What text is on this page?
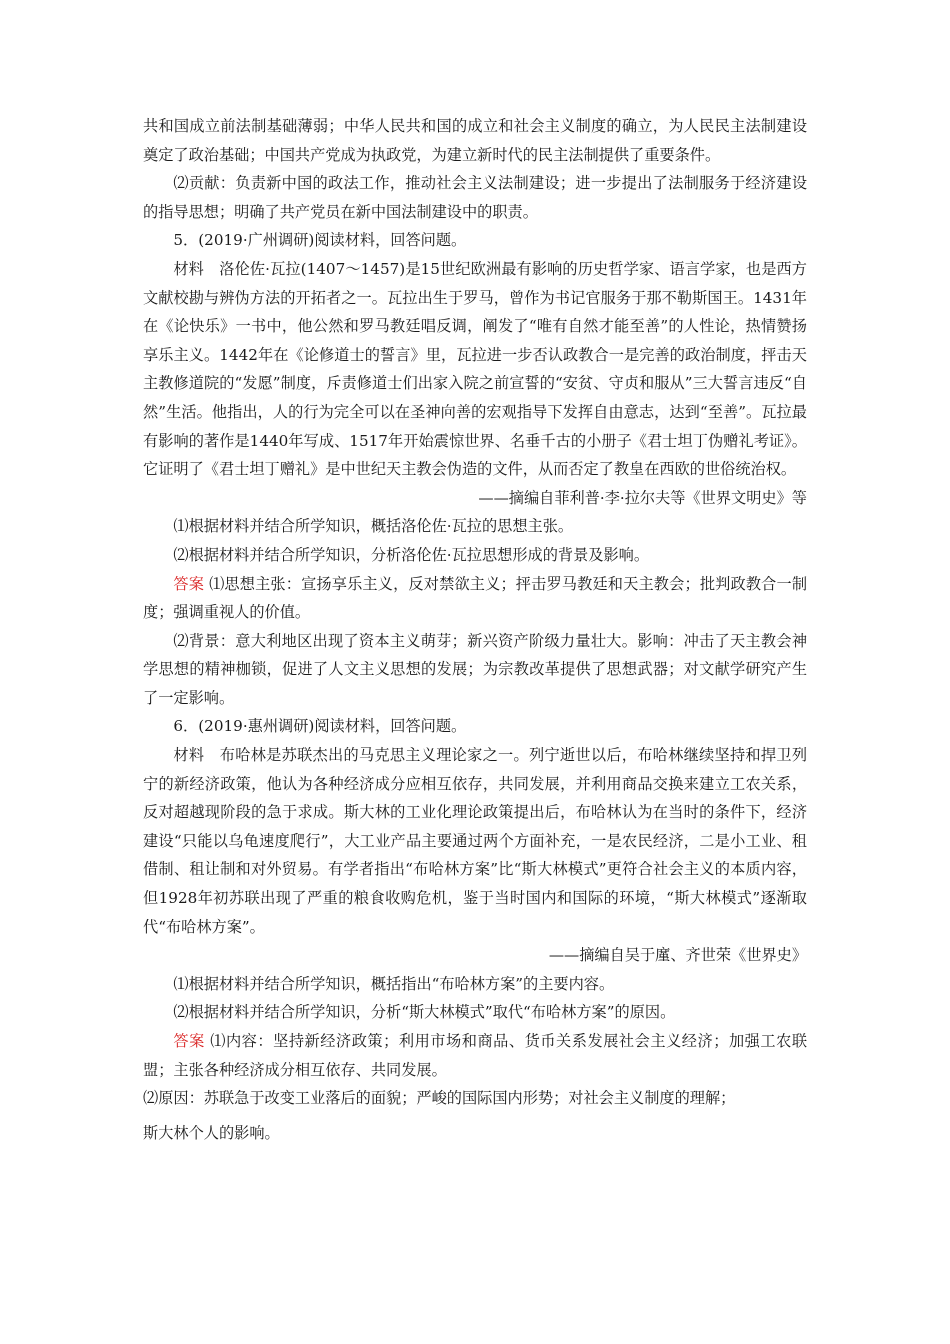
共和国成立前法制基础薄弱；中华人民共和国的成立和社会主义制度的确立，为人民民主法制建设奠定了政治基础；中国共产党成为执政党，为建立新时代的民主法制提供了重要条件。

⑵贡献：负责新中国的政法工作，推动社会主义法制建设；进一步提出了法制服务于经济建设的指导思想；明确了共产党员在新中国法制建设中的职责。

5．(2019·广州调研)阅读材料，回答问题。

材料　洛伦佐·瓦拉(1407～1457)是15世纪欧洲最有影响的历史哲学家、语言学家，也是西方文献校勘与辨伪方法的开拓者之一。瓦拉出生于罗马，曾作为书记官服务于那不勒斯国王。1431年在《论快乐》一书中，他公然和罗马教廷唱反调，阐发了“唯有自然才能至善”的人性论，热情赞扬享乐主义。1442年在《论修道士的誓言》里，瓦拉进一步否认政教合一是完善的政治制度，抨击天主教修道院的“发愿”制度，斥责修道士们出家入院之前宣誓的“安贫、守贞和服从”三大誓言违反“自然”生活。他指出，人的行为完全可以在圣神向善的宏观指导下发挥自由意志，达到“至善”。瓦拉最有影响的著作是1440年写成、1517年开始震惊世界、名垂千古的小册子《君士坦丁伪赠礼考证》。它证明了《君士坦丁赠礼》是中世纪天主教会伪造的文件，从而否定了教皇在西欧的世俗统治权。

——摘编自菲利普·李·拉尔夫等《世界文明史》等

⑴根据材料并结合所学知识，概括洛伦佐·瓦拉的思想主张。

⑵根据材料并结合所学知识，分析洛伦佐·瓦拉思想形成的背景及影响。

答案 ⑴思想主张：宣扬享乐主义，反对禁欲主义；抨击罗马教廷和天主教会；批判政教合一制度；强调重视人的价值。

⑵背景：意大利地区出现了资本主义萌芽；新兴资产阶级力量壮大。影响：冲击了天主教会神学思想的精神枷锁，促进了人文主义思想的发展；为宗教改革提供了思想武器；对文献学研究产生了一定影响。

6．(2019·惠州调研)阅读材料，回答问题。

材料　布哈林是苏联杰出的马克思主义理论家之一。列宁逝世以后，布哈林继续坚持和捍卫列宁的新经济政策，他认为各种经济成分应相互依存，共同发展，并利用商品交换来建立工农关系，反对超越现阶段的急于求成。斯大林的工业化理论政策提出后，布哈林认为在当时的条件下，经济建设“只能以乌龟速度爬行”，大工业产品主要通过两个方面补充，一是农民经济，二是小工业、租借制、租让制和对外贸易。有学者指出“布哈林方案”比“斯大林模式”更符合社会主义的本质内容，但1928年初苏联出现了严重的粮食收购危机，鉴于当时国内和国际的环境，“斯大林模式”逐渐取代“布哈林方案”。

——摘编自吴于廑、齐世荣《世界史》

⑴根据材料并结合所学知识，概括指出“布哈林方案”的主要内容。

⑵根据材料并结合所学知识，分析“斯大林模式”取代“布哈林方案”的原因。

答案 ⑴内容：坚持新经济政策；利用市场和商品、货币关系发展社会主义经济；加强工农联盟；主张各种经济成分相互依存、共同发展。

⑵原因：苏联急于改变工业落后的面貌；严峻的国际国内形势；对社会主义制度的理解；

斯大林个人的影响。
